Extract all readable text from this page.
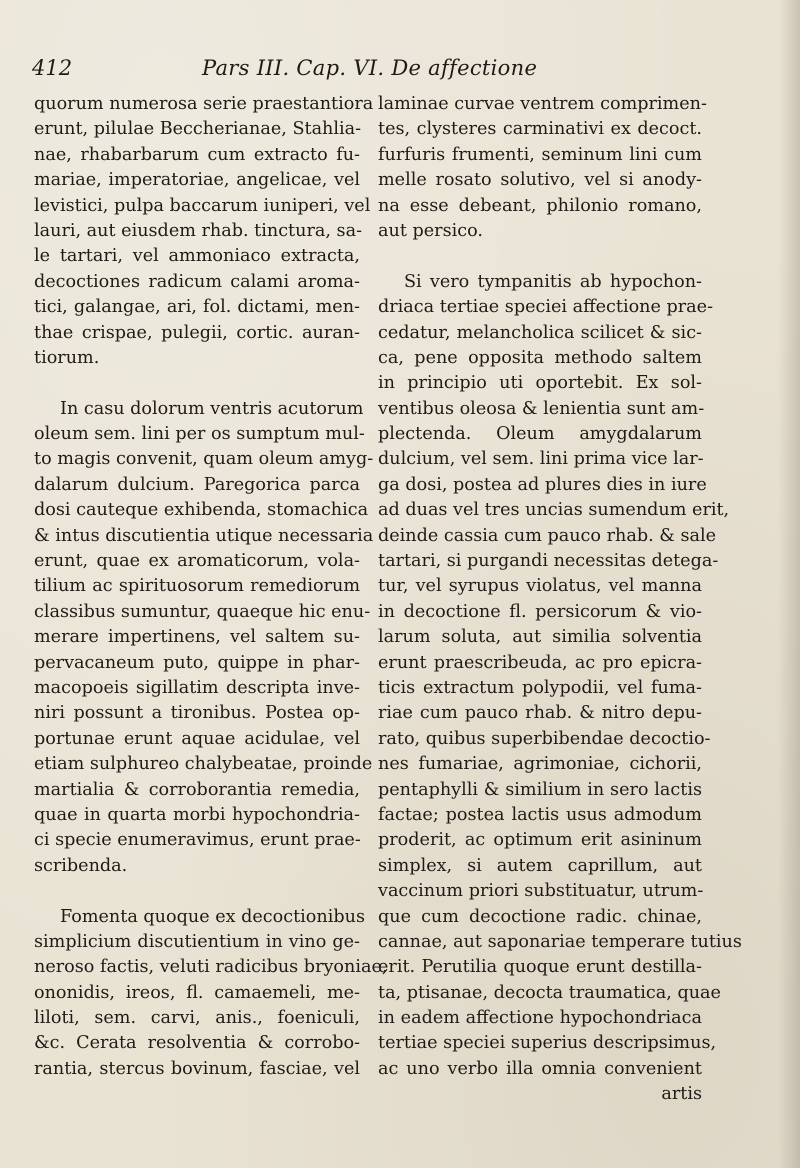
412	Pars III. Cap. VI. De affectione
quorum numerosa serie praestantiora
erunt, pilulae Beccherianae, Stahlia-
nae, rhabarbarum cum extracto fu-
mariae, imperatoriae, angelicae, vel
levistici, pulpa baccarum iuniperi, vel
lauri, aut eiusdem rhab. tinctura, sa-
le tartari, vel ammoniaco extracta,
decoctiones radicum calami aroma-
tici, galangae, ari, fol. dictami, men-
thae crispae, pulegii, cortic. auran-
tiorum.
In casu dolorum ventris acutorum
oleum sem. lini per os sumptum mul-
to magis convenit, quam oleum amyg-
dalarum dulcium. Paregorica parca
dosi cauteque exhibenda, stomachica
& intus discutientia utique necessaria
erunt, quae ex aromaticorum, vola-
tilium ac spirituosorum remediorum
classibus sumuntur, quaeque hic enu-
merare impertinens, vel saltem su-
pervacaneum puto, quippe in phar-
macopoeis sigillatim descripta inve-
niri possunt a tironibus. Postea op-
portunae erunt aquae acidulae, vel
etiam sulphureo chalybeatae, proinde
martialia & corroborantia remedia,
quae in quarta morbi hypochondria-
ci specie enumeravimus, erunt prae-
scribenda.
Fomenta quoque ex decoctionibus
simplicium discutientium in vino ge-
neroso factis, veluti radicibus bryoniae,
ononidis, ireos, fl. camaemeli, me-
liloti, sem. carvi, anis., foeniculi,
&c. Cerata resolventia & corrobo-
rantia, stercus bovinum, fasciae, vel
laminae curvae ventrem comprimen-
tes, clysteres carminativi ex decoct.
furfuris frumenti, seminum lini cum
melle rosato solutivo, vel si anody-
na esse debeant, philonio romano,
aut persico.
Si vero tympanitis ab hypochon-
driaca tertiae speciei affectione prae-
cedatur, melancholica scilicet & sic-
ca, pene opposita methodo saltem
in principio uti oportebit. Ex sol-
ventibus oleosa & lenientia sunt am-
plectenda. Oleum amygdalarum
dulcium, vel sem. lini prima vice lar-
ga dosi, postea ad plures dies in iure
ad duas vel tres uncias sumendum erit,
deinde cassia cum pauco rhab. & sale
tartari, si purgandi necessitas detega-
tur, vel syrupus violatus, vel manna
in decoctione fl. persicorum & vio-
larum soluta, aut similia solventia
erunt praescribeuda, ac pro epicra-
ticis extractum polypodii, vel fuma-
riae cum pauco rhab. & nitro depu-
rato, quibus superbibendae decoctio-
nes fumariae, agrimoniae, cichorii,
pentaphylli & similium in sero lactis
factae; postea lactis usus admodum
proderit, ac optimum erit asininum
simplex, si autem caprillum, aut
vaccinum priori substituatur, utrum-
que cum decoctione radic. chinae,
cannae, aut saponariae temperare tutius
erit. Perutilia quoque erunt destilla-
ta, ptisanae, decocta traumatica, quae
in eadem affectione hypochondriaca
tertiae speciei superius descripsimus,
ac uno verbo illa omnia convenient
artis
